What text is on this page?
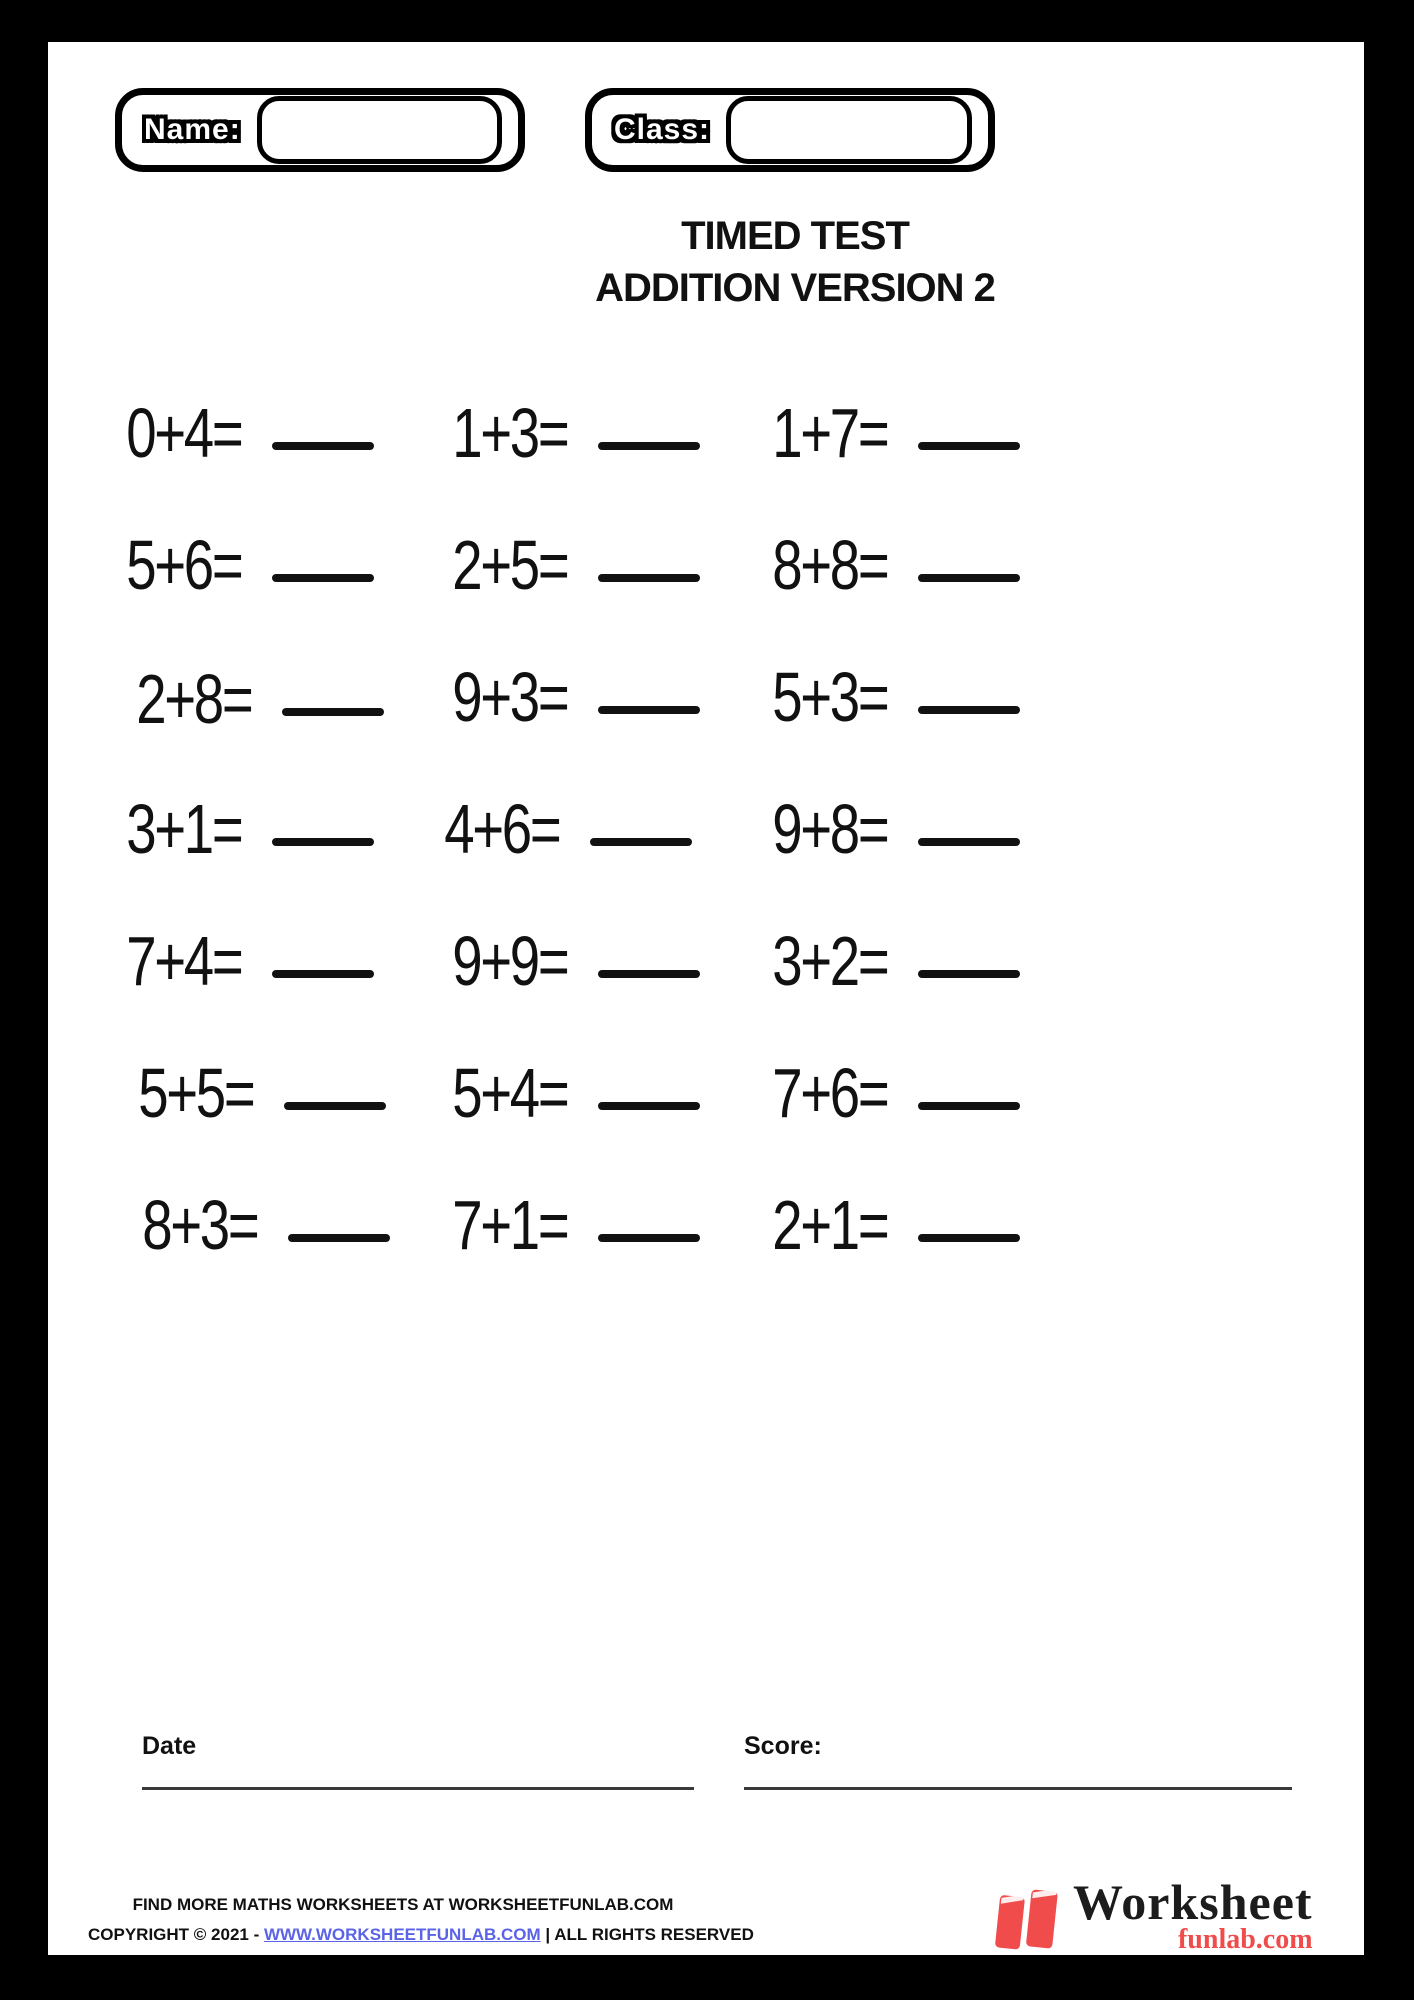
Name:	Class:
TIMED TEST
ADDITION VERSION 2
0+4=	1+3=	1+7=
5+6=	2+5=	8+8=
2+8=	9+3=	5+3=
3+1=	4+6=	9+8=
7+4=	9+9=	3+2=
5+5=	5+4=	7+6=
8+3=	7+1=	2+1=
Date	Score:
FIND MORE MATHS WORKSHEETS AT WORKSHEETFUNLAB.COM
COPYRIGHT © 2021 - WWW.WORKSHEETFUNLAB.COM | ALL RIGHTS RESERVED
Worksheet
funlab.com
